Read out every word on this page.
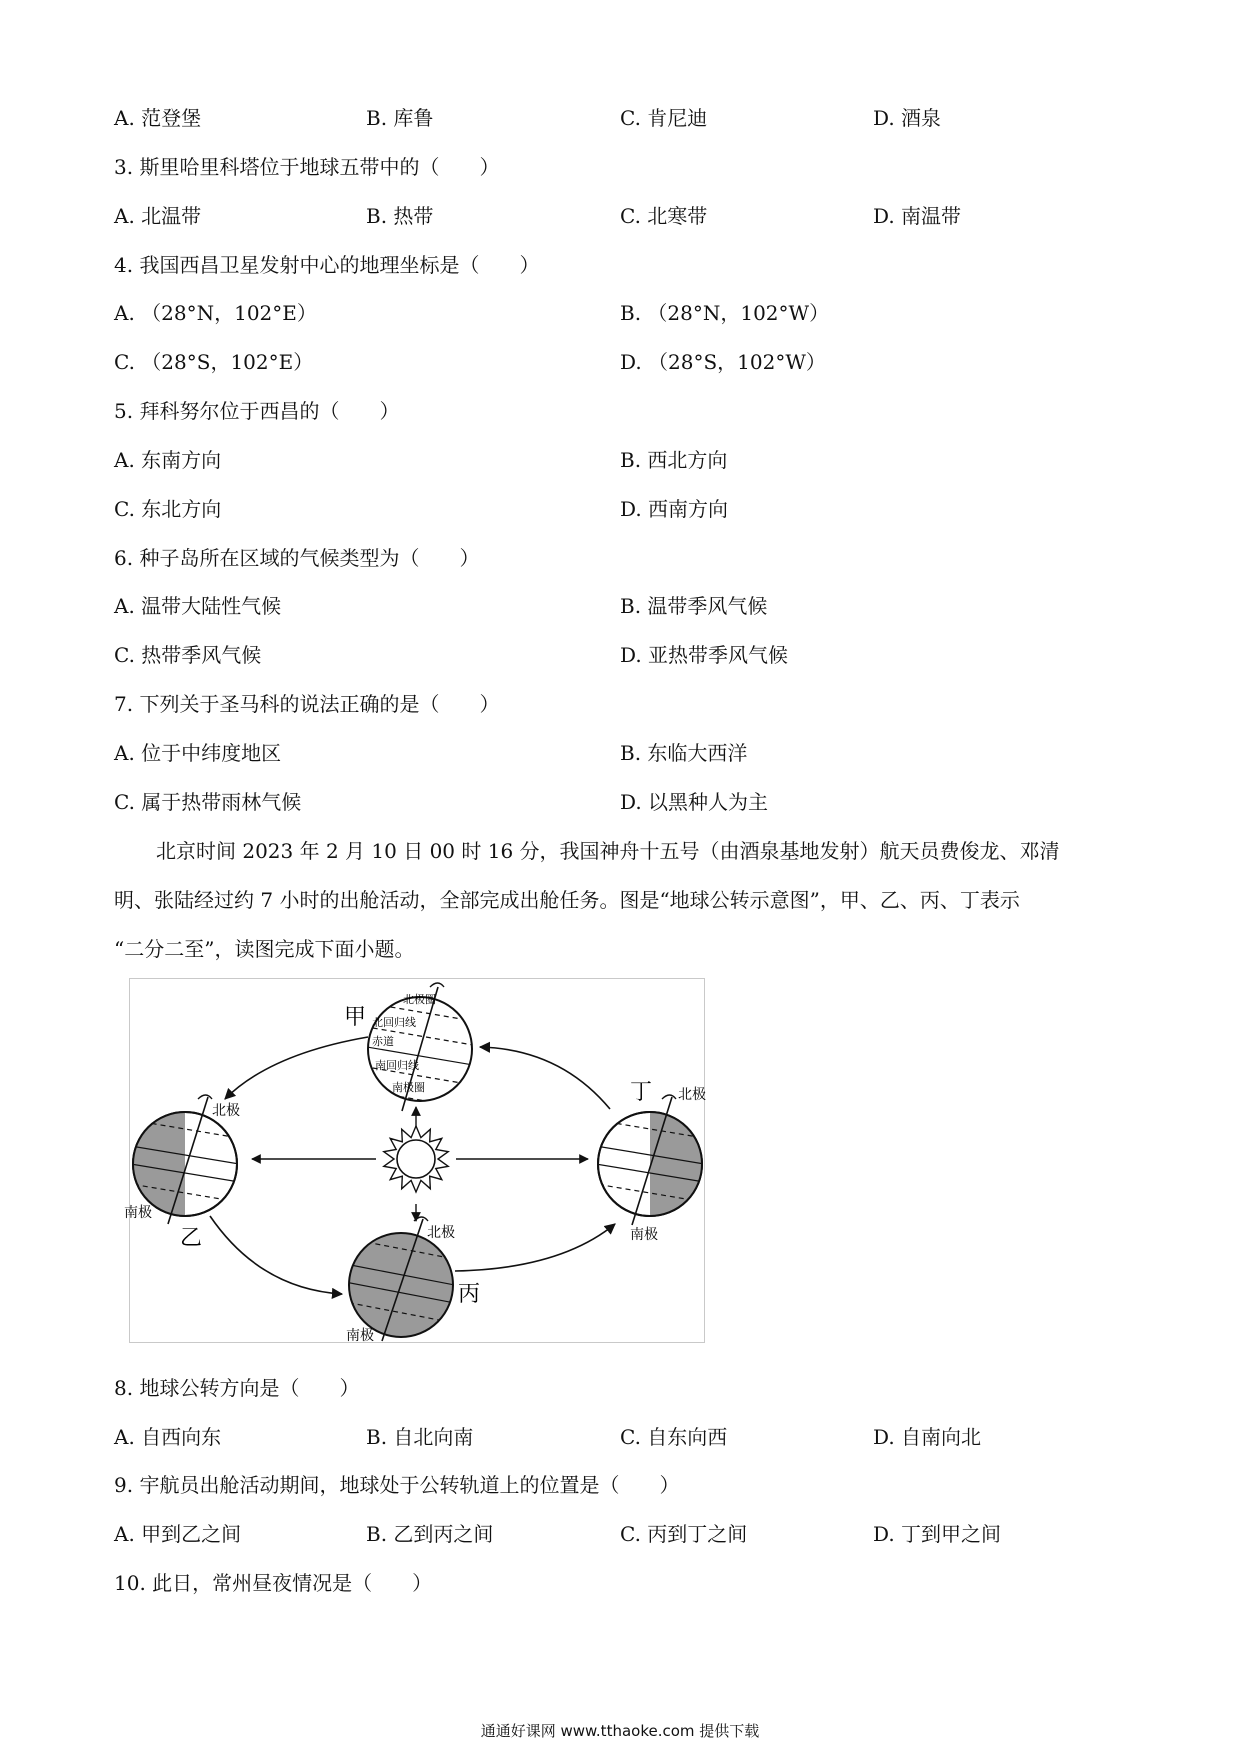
A. 范登堡	B. 库鲁	C. 肯尼迪	D. 酒泉
3. 斯里哈里科塔位于地球五带中的（　　）
A. 北温带	B. 热带	C. 北寒带	D. 南温带
4. 我国西昌卫星发射中心的地理坐标是（　　）
A. （28°N，102°E）	B. （28°N，102°W）
C. （28°S，102°E）	D. （28°S，102°W）
5. 拜科努尔位于西昌的（　　）
A. 东南方向	B. 西北方向
C. 东北方向	D. 西南方向
6. 种子岛所在区域的气候类型为（　　）
A. 温带大陆性气候	B. 温带季风气候
C. 热带季风气候	D. 亚热带季风气候
7. 下列关于圣马科的说法正确的是（　　）
A. 位于中纬度地区	B. 东临大西洋
C. 属于热带雨林气候	D. 以黑种人为主
北京时间 2023 年 2 月 10 日 00 时 16 分，我国神舟十五号（由酒泉基地发射）航天员费俊龙、邓清
明、张陆经过约 7 小时的出舱活动，全部完成出舱任务。图是“地球公转示意图”，甲、乙、丙、丁表示
“二分二至”，读图完成下面小题。
北极圈
北回归线
赤道
南回归线
南极圈
甲
北极
南极
乙	北极
南极
丙
北极
南极
丁
8. 地球公转方向是（　　）
A. 自西向东	B. 自北向南	C. 自东向西	D. 自南向北
9. 宇航员出舱活动期间，地球处于公转轨道上的位置是（　　）
A. 甲到乙之间	B. 乙到丙之间	C. 丙到丁之间	D. 丁到甲之间
10. 此日，常州昼夜情况是（　　）
通通好课网 www.tthaoke.com 提供下载
